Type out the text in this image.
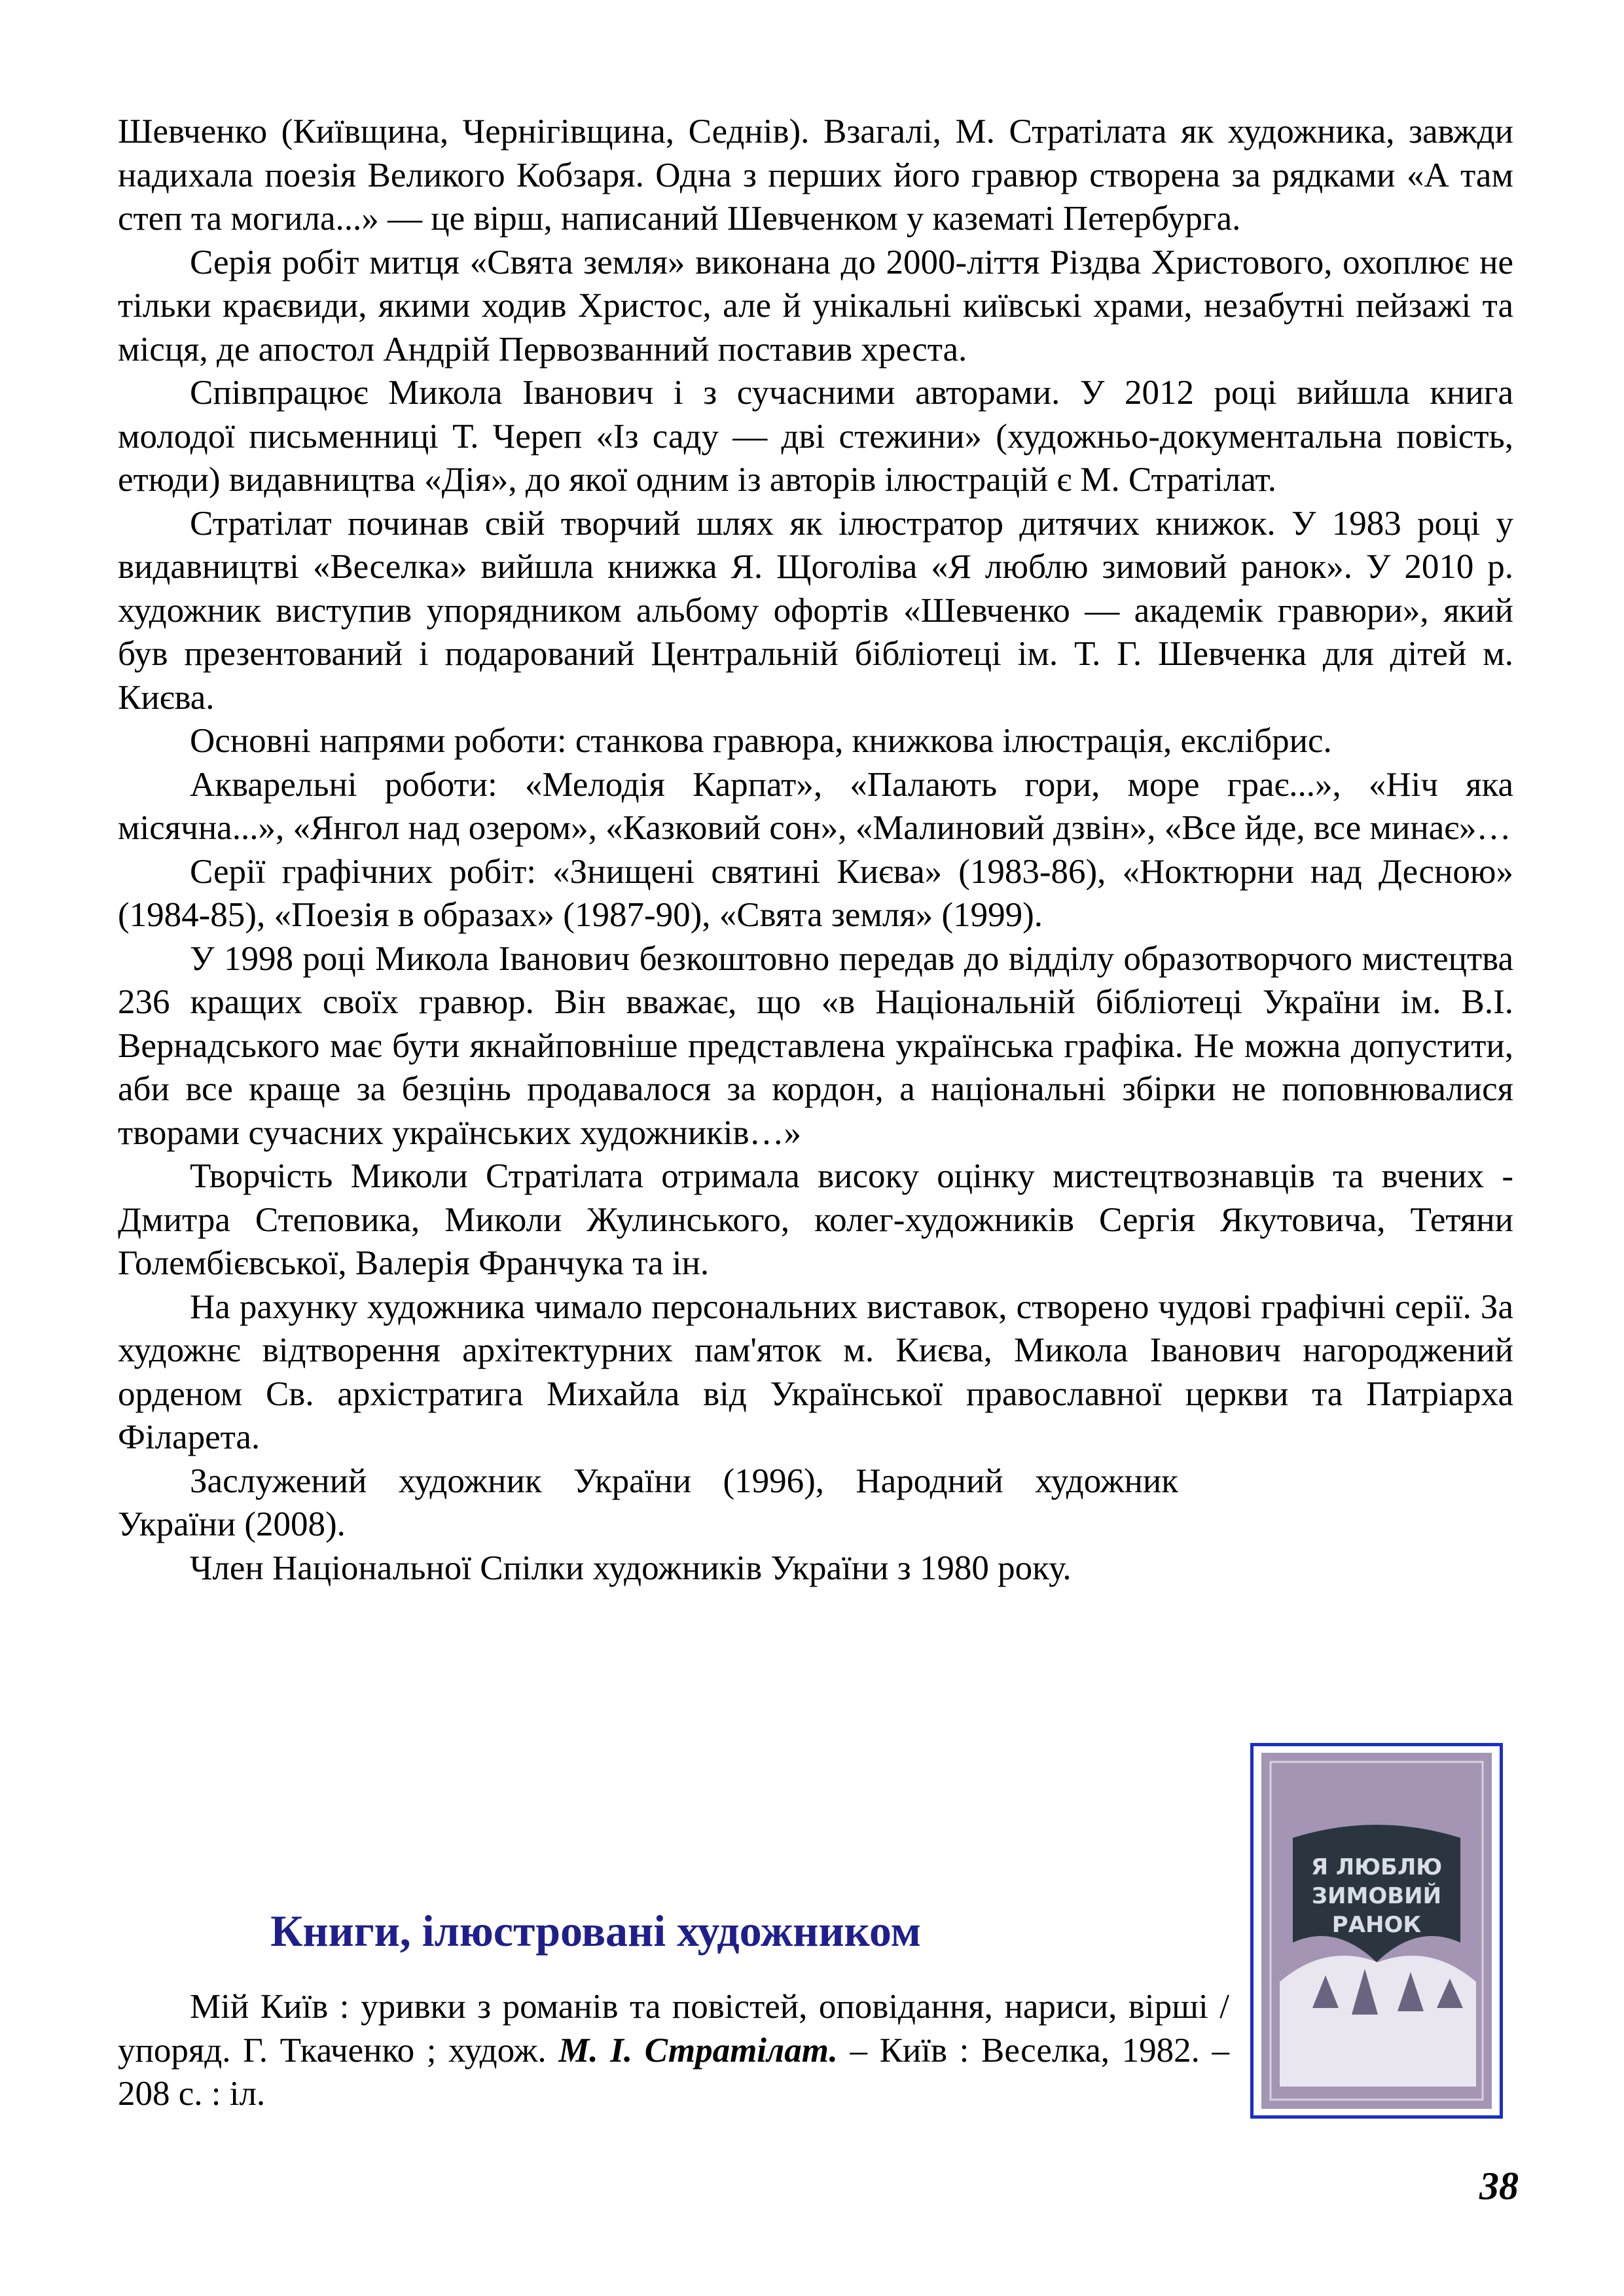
Шевченко (Київщина, Чернігівщина, Седнів). Взагалі, М. Стратілата як художника, завжди надихала поезія Великого Кобзаря. Одна з перших його гравюр створена за рядками «А там степ та могила...» — це вірш, написаний Шевченком у казематі Петербурга.

Серія робіт митця «Свята земля» виконана до 2000-ліття Різдва Христового, охоплює не тільки краєвиди, якими ходив Христос, але й унікальні київські храми, незабутні пейзажі та місця, де апостол Андрій Первозванний поставив хреста.

Співпрацює Микола Іванович і з сучасними авторами. У 2012 році вийшла книга молодої письменниці Т. Череп «Із саду — дві стежини» (художньо-документальна повість, етюди) видавництва «Дія», до якої одним із авторів ілюстрацій є М. Стратілат.

Стратілат починав свій творчий шлях як ілюстратор дитячих книжок. У 1983 році у видавництві «Веселка» вийшла книжка Я. Щоголіва «Я люблю зимовий ранок». У 2010 р. художник виступив упорядником альбому офортів «Шевченко — академік гравюри», який був презентований і подарований Центральній бібліотеці ім. Т. Г. Шевченка для дітей м. Києва.

Основні напрями роботи: станкова гравюра, книжкова ілюстрація, екслібрис.

Акварельні роботи: «Мелодія Карпат», «Палають гори, море грає...», «Ніч яка місячна...», «Янгол над озером», «Казковий сон», «Малиновий дзвін», «Все йде, все минає»…

Серії графічних робіт: «Знищені святині Києва» (1983-86), «Ноктюрни над Десною» (1984-85), «Поезія в образах» (1987-90), «Свята земля» (1999).

У 1998 році Микола Іванович безкоштовно передав до відділу образотворчого мистецтва 236 кращих своїх гравюр. Він вважає, що «в Національній бібліотеці України ім. В.І. Вернадського має бути якнайповніше представлена українська графіка. Не можна допустити, аби все краще за безцінь продавалося за кордон, а національні збірки не поповнювалися творами сучасних українських художників…»

Творчість Миколи Стратілата отримала високу оцінку мистецтвознавців та вчених - Дмитра Степовика, Миколи Жулинського, колег-художників Сергія Якутовича, Тетяни Голембієвської, Валерія Франчука та ін.

На рахунку художника чимало персональних виставок, створено чудові графічні серії. За художнє відтворення архітектурних пам'яток м. Києва, Микола Іванович нагороджений орденом Св. архістратига Михайла від Української православної церкви та Патріарха Філарета.

Заслужений художник України (1996), Народний художник України (2008).

Член Національної Спілки художників України з 1980 року.

Книги, ілюстровані художником

Мій Київ : уривки з романів та повістей, оповідання, нариси, вірші / упоряд. Г. Ткаченко ; худож. М. І. Стратілат. – Київ : Веселка, 1982. – 208 с. : іл.

Я ЛЮБЛЮ
ЗИМОВИЙ
РАНОК
38
